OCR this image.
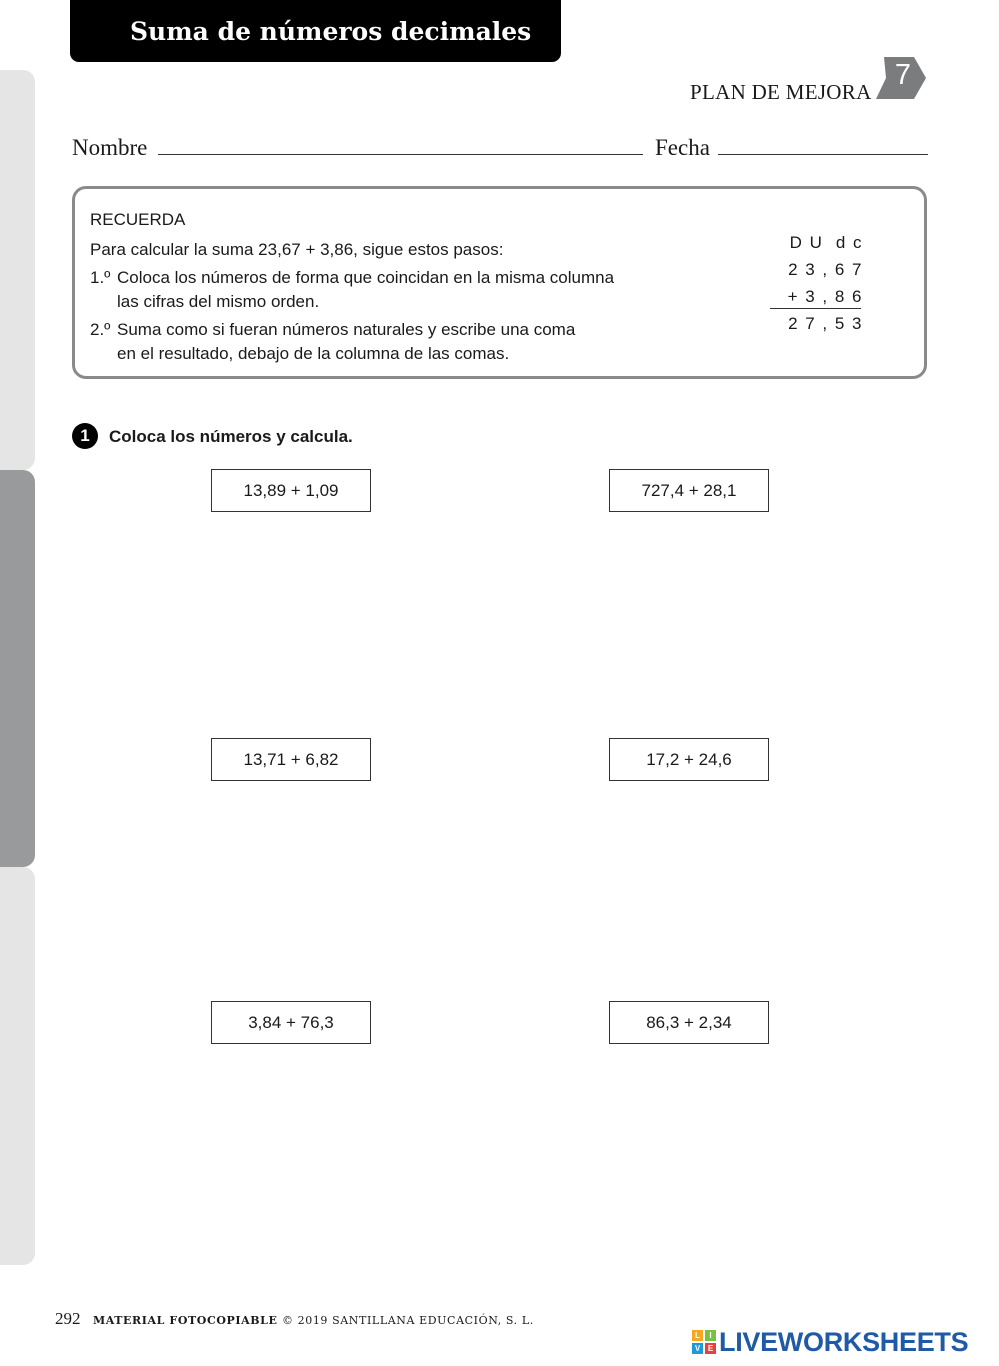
Suma de números decimales
PLAN DE MEJORA
7
Nombre	Fecha
RECUERDA
Para calcular la suma 23,67 + 3,86, sigue estos pasos:
1.º Coloca los números de forma que coincidan en la misma columna
las cifras del mismo orden.
2.º Suma como si fueran números naturales y escribe una coma
en el resultado, debajo de la columna de las comas.
D U  d c
2 3 , 6 7
+ 3 , 8 6
2 7 , 5 3
1	Coloca los números y calcula.
13,89 + 1,09	727,4 + 28,1
13,71 + 6,82	17,2 + 24,6
3,84 + 76,3	86,3 + 2,34
292 MATERIAL FOTOCOPIABLE © 2019 SANTILLANA EDUCACIÓN, S. L.
L	I
V E LIVEWORKSHEETS
